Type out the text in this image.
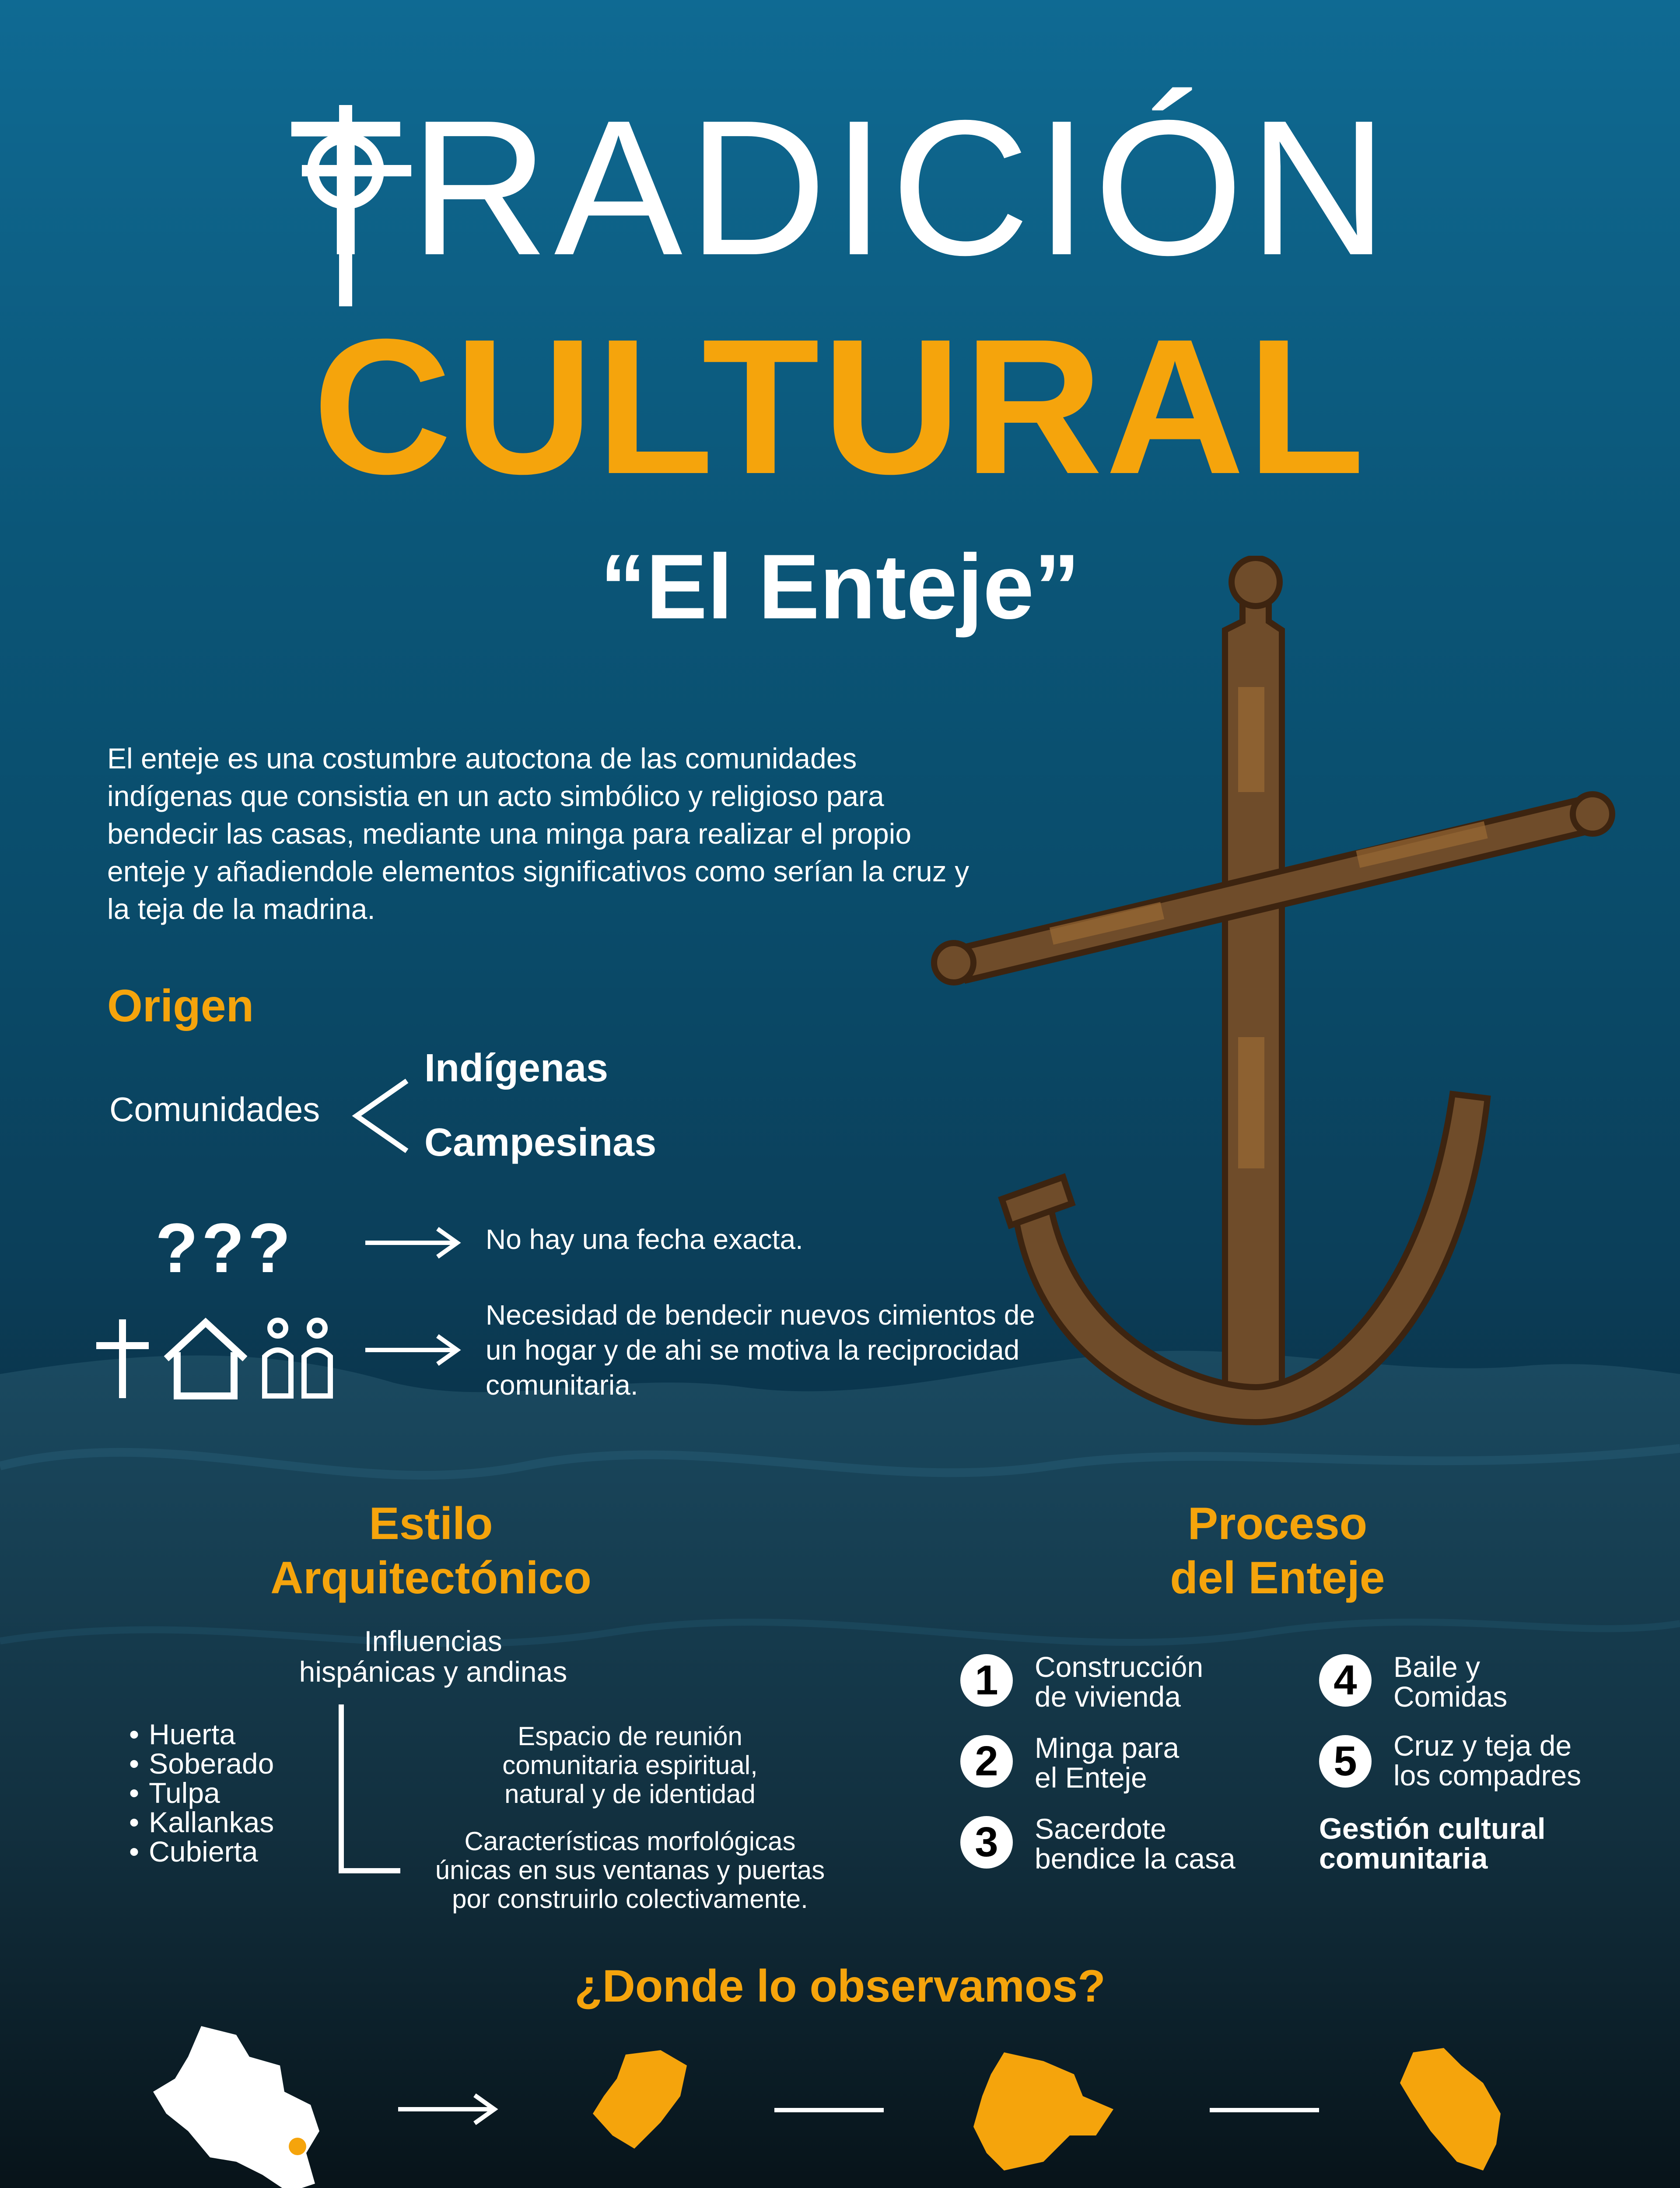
TRADICIÓN
CULTURAL
“El Enteje”
El enteje es una costumbre autoctona de las comunidades indígenas que consistia en un acto simbólico y religioso para bendecir las casas, mediante una minga para realizar el propio enteje y añadiendole elementos significativos como serían la cruz y la teja de la madrina.
Origen
Comunidades
Indígenas
Campesinas
???	No hay una fecha exacta.
Necesidad de bendecir nuevos cimientos de un hogar y de ahi se motiva la reciprocidad comunitaria.
Estilo
Arquitectónico
Influencias
hispánicas y andinas
• Huerta
• Soberado
• Tulpa
• Kallankas
• Cubierta
Espacio de reunión
comunitaria espiritual,
natural y de identidad
Características morfológicas
únicas en sus ventanas y puertas
por construirlo colectivamente.
Proceso
del Enteje
1	Construcción
de vivienda
2	Minga para
el Enteje
3	Sacerdote
bendice la casa
4	Baile y
Comidas
5	Cruz y teja de
los compadres
Gestión cultural
comunitaria
¿Donde lo observamos?
